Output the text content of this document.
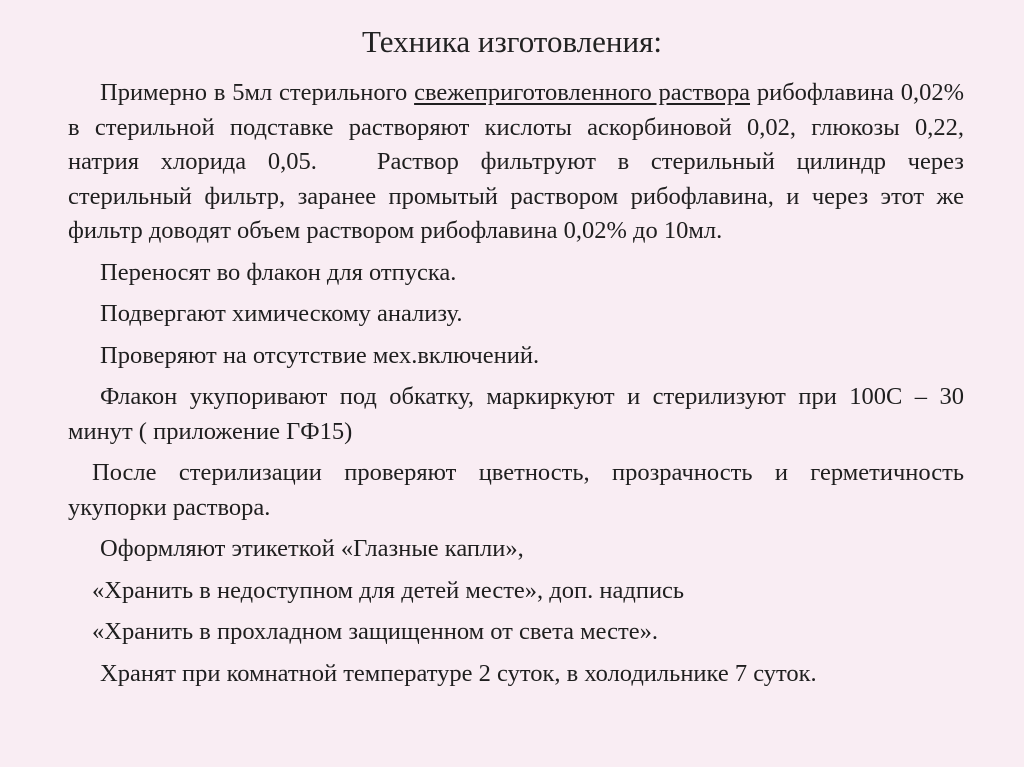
Техника изготовления:

Примерно в 5мл стерильного свежеприготовленного раствора рибофлавина 0,02% в стерильной подставке растворяют кислоты аскорбиновой 0,02, глюкозы 0,22, натрия хлорида 0,05. Раствор фильтруют в стерильный цилиндр через стерильный фильтр, заранее промытый раствором рибофлавина, и через этот же фильтр доводят объем раствором рибофлавина 0,02% до 10мл.

Переносят во флакон для отпуска.

Подвергают химическому анализу.

Проверяют на отсутствие мех.включений.

Флакон укупоривают под обкатку, маркиркуют и стерилизуют при 100С – 30 минут ( приложение ГФ15)

После стерилизации проверяют цветность, прозрачность и герметичность укупорки раствора.

Оформляют этикеткой «Глазные капли»,

«Хранить в недоступном для детей месте», доп. надпись

«Хранить в прохладном защищенном от света месте».

Хранят при комнатной температуре 2 суток, в холодильнике 7 суток.
